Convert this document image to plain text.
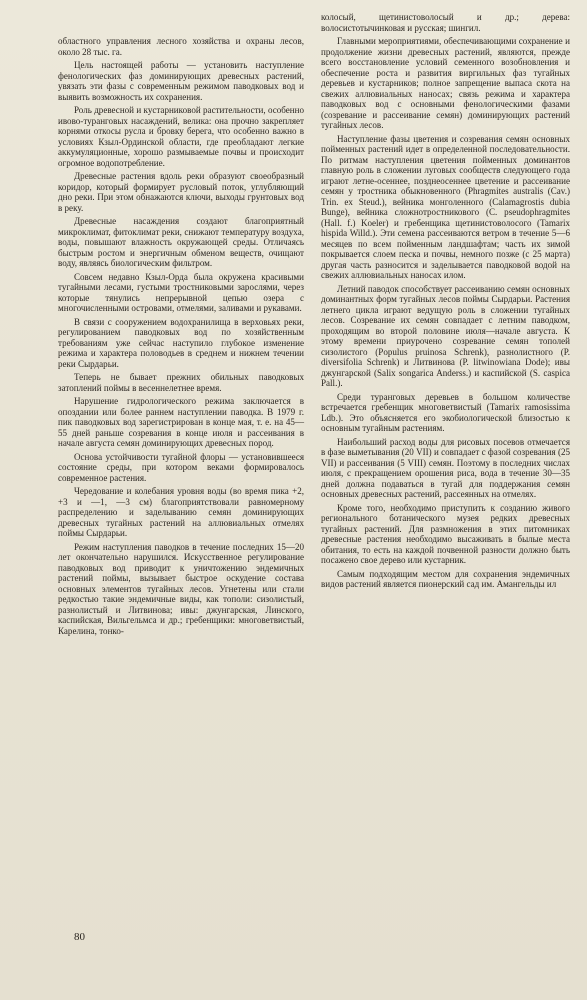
областного управления лесного хозяйства и охраны лесов, около 28 тыс. га.

Цель настоящей работы — установить наступление фенологических фаз доминирующих древесных растений, увязать эти фазы с современным режимом паводковых вод и выявить возможность их сохранения.

Роль древесной и кустарниковой растительности, особенно ивово-туранговых насаждений, велика: она прочно закрепляет корнями откосы русла и бровку берега, что особенно важно в условиях Кзыл-Ординской области, где преобладают легкие аккумуляционные, хорошо размываемые почвы и происходит огромное водопотребление.

Древесные растения вдоль реки образуют своеобразный коридор, который формирует русловый поток, углубляющий дно реки. При этом обнажаются ключи, выходы грунтовых вод в реку.

Древесные насаждения создают благоприятный микроклимат, фитоклимат реки, снижают температуру воздуха, воды, повышают влажность окружающей среды. Отличаясь быстрым ростом и энергичным обменом веществ, очищают воду, являясь биологическим фильтром.

Совсем недавно Кзыл-Орда была окружена красивыми тугайными лесами, густыми тростниковыми зарослями, через которые тянулись непрерывной цепью озера с многочисленными островами, отмелями, заливами и рукавами.

В связи с сооружением водохранилища в верховьях реки, регулированием паводковых вод по хозяйственным требованиям уже сейчас наступило глубокое изменение режима и характера половодьев в среднем и нижнем течении реки Сырдарьи.

Теперь не бывает прежних обильных паводковых затоплений поймы в весеннелетнее время.

Нарушение гидрологического режима заключается в опоздании или более раннем наступлении паводка. В 1979 г. пик паводковых вод зарегистрирован в конце мая, т. е. на 45—55 дней раньше созревания в конце июля и рассеивания в начале августа семян доминирующих древесных пород.

Основа устойчивости тугайной флоры — установившееся состояние среды, при котором веками формировалось современное растения.

Чередование и колебания уровня воды (во время пика +2, +3 и —1, —3 см) благоприятствовали равномерному распределению и заделыванию семян доминирующих древесных тугайных растений на аллювиальных отмелях поймы Сырдарьи.

Режим наступления паводков в течение последних 15—20 лет окончательно нарушился. Искусственное регулирование паводковых вод приводит к уничтожению эндемичных растений поймы, вызывает быстрое оскудение состава основных элементов тугайных лесов. Угнетены или стали редкостью такие эндемичные виды, как тополи: сизолистый, разнолистый и Литвинова; ивы: джунгарская, Линского, каспийская, Вильгельмса и др.; гребенщики: многоветвистый, Карелина, тонко-

колосый, щетинистоволосый и др.; дерева: волосистотычинковая и русская; шингил.

Главными мероприятиями, обеспечивающими сохранение и продолжение жизни древесных растений, являются, прежде всего восстановление условий семенного возобновления и обеспечение роста и развития виргильных фаз тугайных деревьев и кустарников; полное запрещение выпаса скота на свежих аллювиальных наносах; связь режима и характера паводковых вод с основными фенологическими фазами (созревание и рассеивание семян) доминирующих растений тугайных лесов.

Наступление фазы цветения и созревания семян основных пойменных растений идет в определенной последовательности. По ритмам наступления цветения пойменных доминантов главную роль в сложении луговых сообществ следующего года играют летне-осеннее, позднеосеннее цветение и рассеивание семян у тростника обыкновенного (Phragmites australis (Cav.) Trin. ex Steud.), вейника монголенного (Calamagrostis dubia Bunge), вейника сложнотростникового (C. pseudophragmites (Hall. f.) Koeler) и гребенщика щетинистоволосого (Tamarix hispida Willd.). Эти семена рассеиваются ветром в течение 5—6 месяцев по всем пойменным ландшафтам; часть их зимой покрывается слоем песка и почвы, немного позже (с 25 марта) другая часть разносится и заделывается паводковой водой на свежих аллювиальных наносах илом.

Летний паводок способствует рассеиванию семян основных доминантных форм тугайных лесов поймы Сырдарьи. Растения летнего цикла играют ведущую роль в сложении тугайных лесов. Созревание их семян совпадает с летним паводком, проходящим во второй половине июля—начале августа. К этому времени приурочено созревание семян тополей сизолистого (Populus pruinosa Schrenk), разнолистного (P. diversifolia Schrenk) и Литвинова (P. litwinowiana Dode); ивы джунгарской (Salix songarica Anderss.) и каспийской (S. caspica Pall.).

Среди туранговых деревьев в большом количестве встречается гребенщик многоветвистый (Tamarix ramosissima Ldb.). Это объясняется его экобиологической близостью к основным тугайным растениям.

Наибольший расход воды для рисовых посевов отмечается в фазе выметывания (20 VII) и совпадает с фазой созревания (25 VII) и рассеивания (5 VIII) семян. Поэтому в последних числах июля, с прекращением орошения риса, вода в течение 30—35 дней должна подаваться в тугай для поддержания семян основных древесных растений, рассеянных на отмелях.

Кроме того, необходимо приступить к созданию живого регионального ботанического музея редких древесных тугайных растений. Для размножения в этих питомниках древесные растения необходимо высаживать в былые места обитания, то есть на каждой почвенной разности должно быть посажено свое дерево или кустарник.

Самым подходящим местом для сохранения эндемичных видов растений является пионерский сад им. Амангельды ил

80
